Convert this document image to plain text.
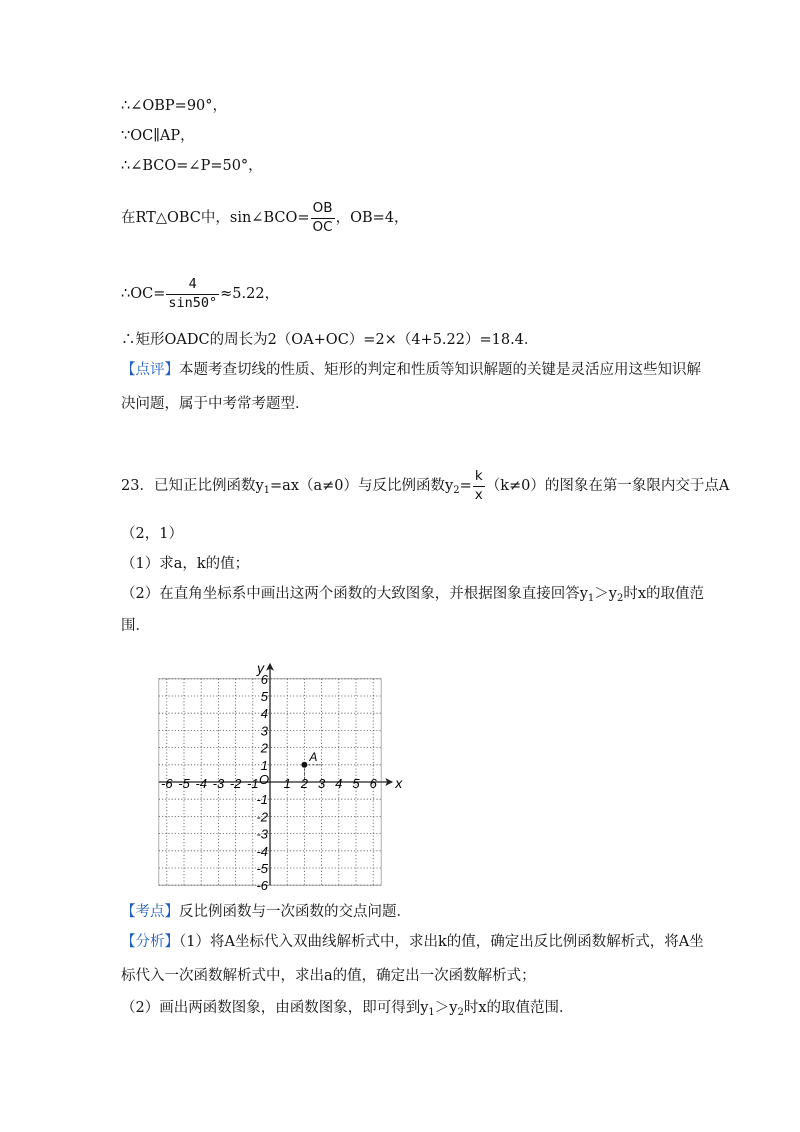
∴∠OBP=90°，
∵OC∥AP，
∴∠BCO=∠P=50°，
在RT△OBC中，sin∠BCO= $\frac{OB}{OC}$ ，OB=4，
∴OC= $\frac{4}{\sin 50^\circ} \approx 5.22$，
∴矩形OADC的周长为2（OA+OC）=2×（4+5.22）=18.4．
【点评】本题考查切线的性质、矩形的判定和性质等知识解题的关键是灵活应用这些知识解
决问题，属于中考常考题型．
23．已知正比例函数$y_1=ax(a\ne 0)$与反比例函数$y_2= \frac{k}{x} (k\ne 0)$的图象在第一象限内交于点A
（2，1）
（1）求a，k的值；
（2）在直角坐标系中画出这两个函数的大致图象，并根据图象直接回答$y_1>y_2$时x的取值范
围．
x
y
O
-6 -5 -4 -3 -2 -1 1 2 3 4 5 6
1
2
3
4
5
6
-1
-2
-3
-4
-5
-6
A
【考点】反比例函数与一次函数的交点问题．
【分析】（1）将A坐标代入双曲线解析式中，求出k的值，确定出反比例函数解析式，将A坐
标代入一次函数解析式中，求出a的值，确定出一次函数解析式；
（2）画出两函数图象，由函数图象，即可得到$y_1>y_2$时x的取值范围．
